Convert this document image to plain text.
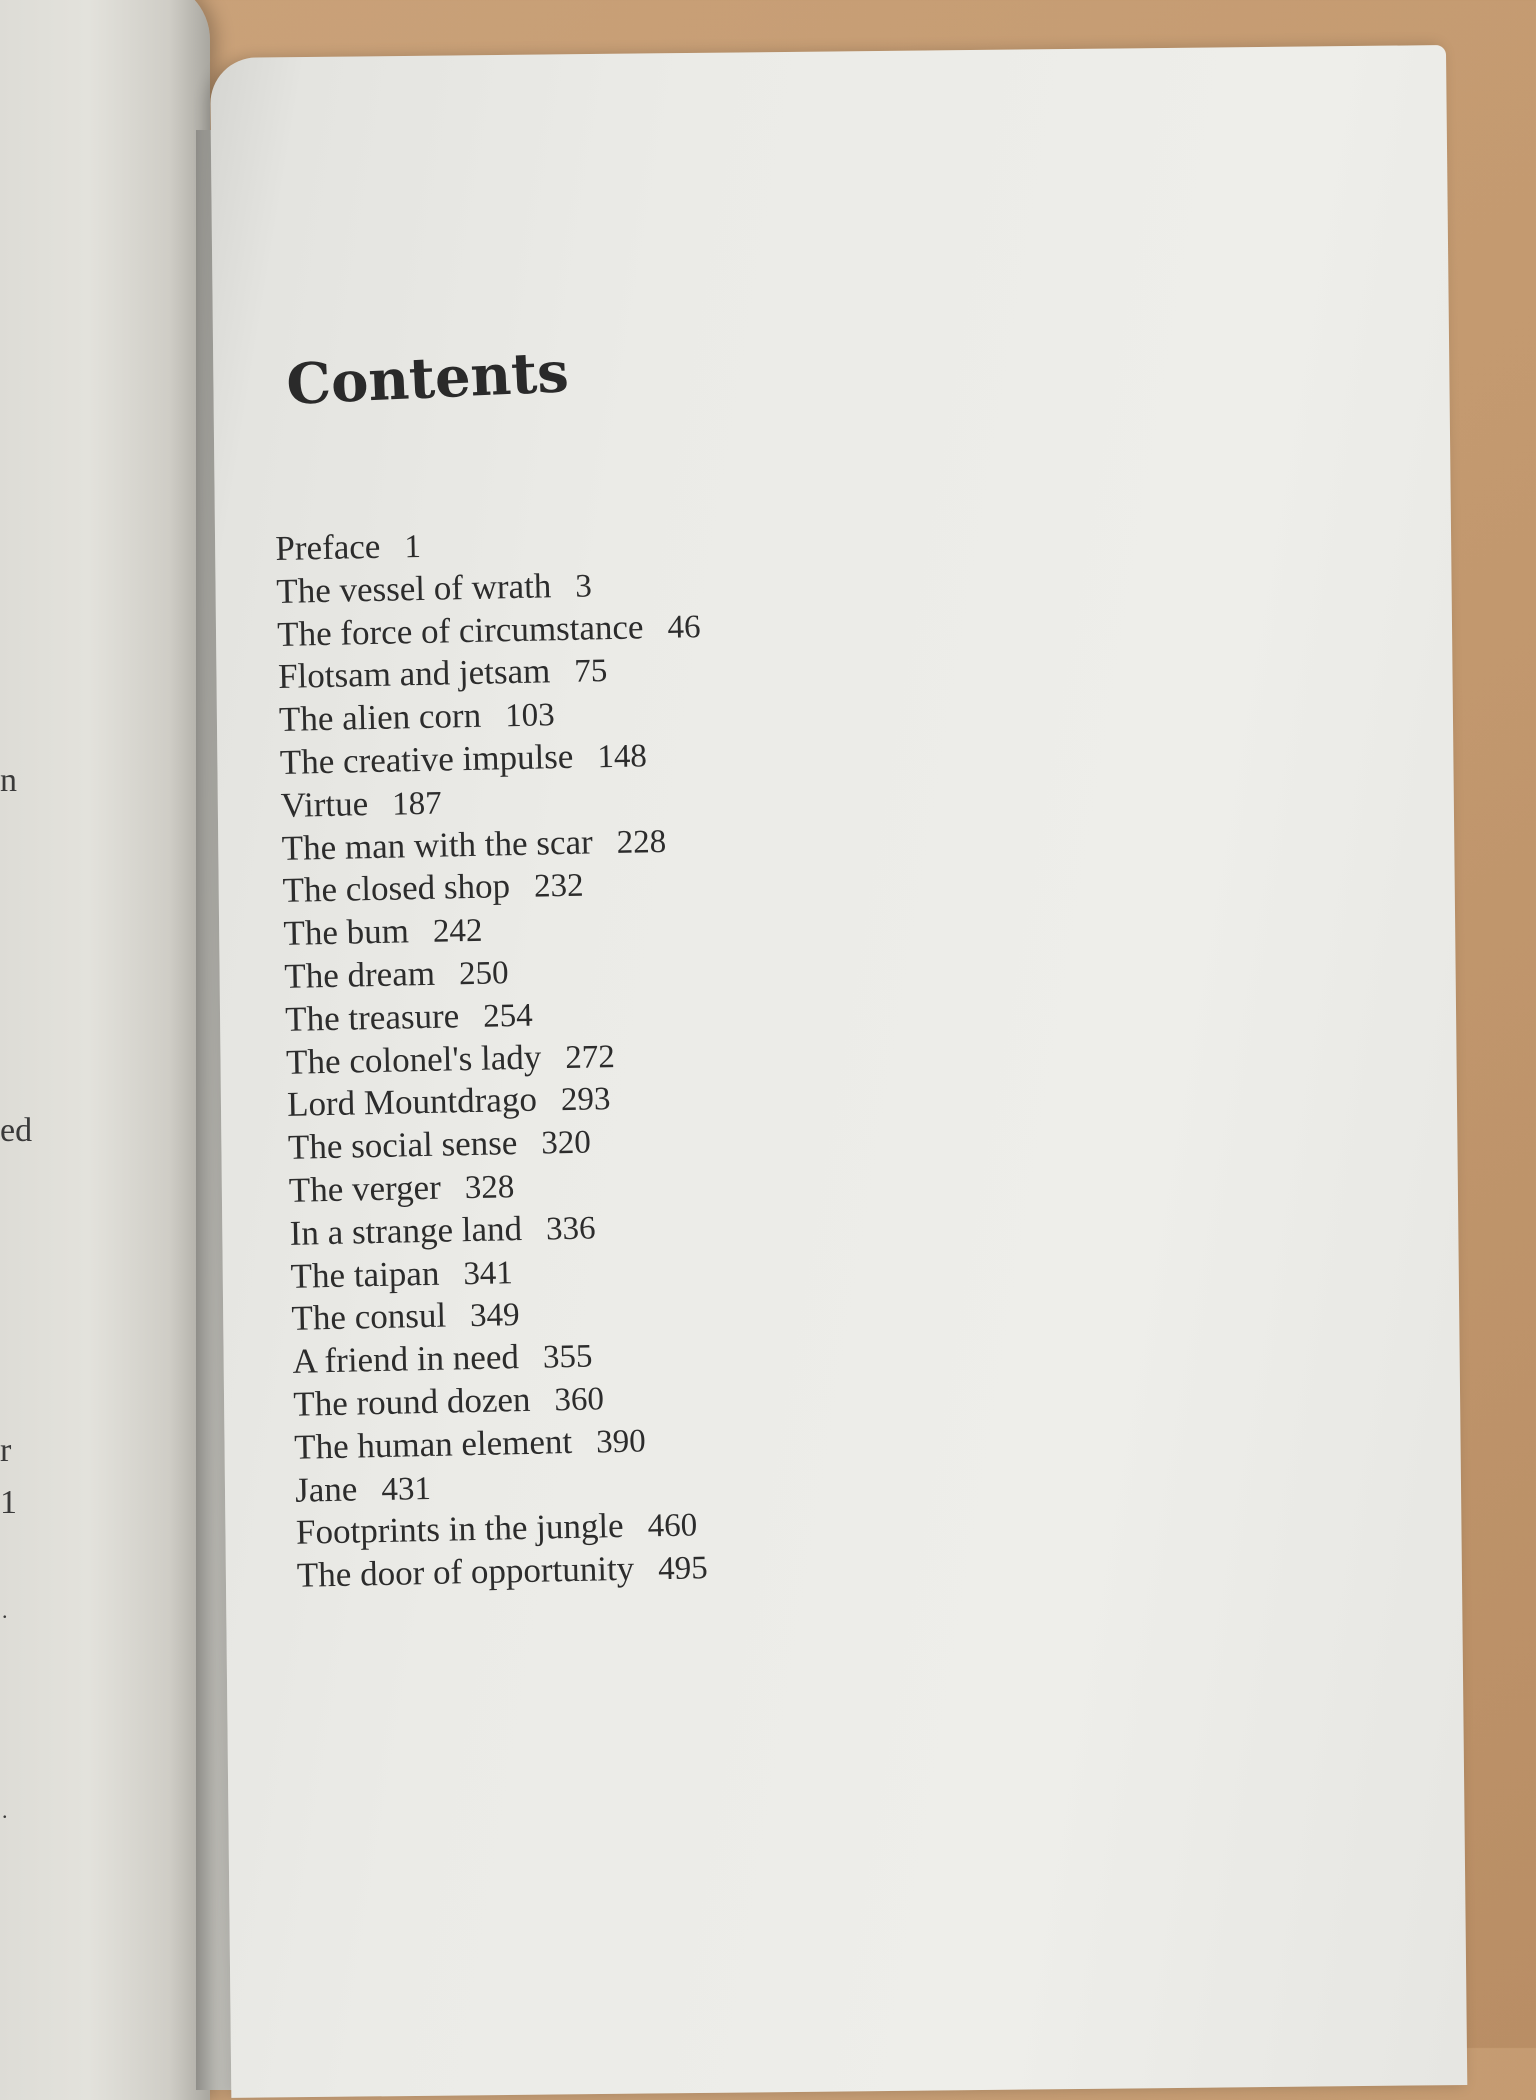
n
ed
r
1
.
.
Contents
Preface 1
The vessel of wrath 3
The force of circumstance 46
Flotsam and jetsam 75
The alien corn 103
The creative impulse 148
Virtue 187
The man with the scar 228
The closed shop 232
The bum 242
The dream 250
The treasure 254
The colonel's lady 272
Lord Mountdrago 293
The social sense 320
The verger 328
In a strange land 336
The taipan 341
The consul 349
A friend in need 355
The round dozen 360
The human element 390
Jane 431
Footprints in the jungle 460
The door of opportunity 495
